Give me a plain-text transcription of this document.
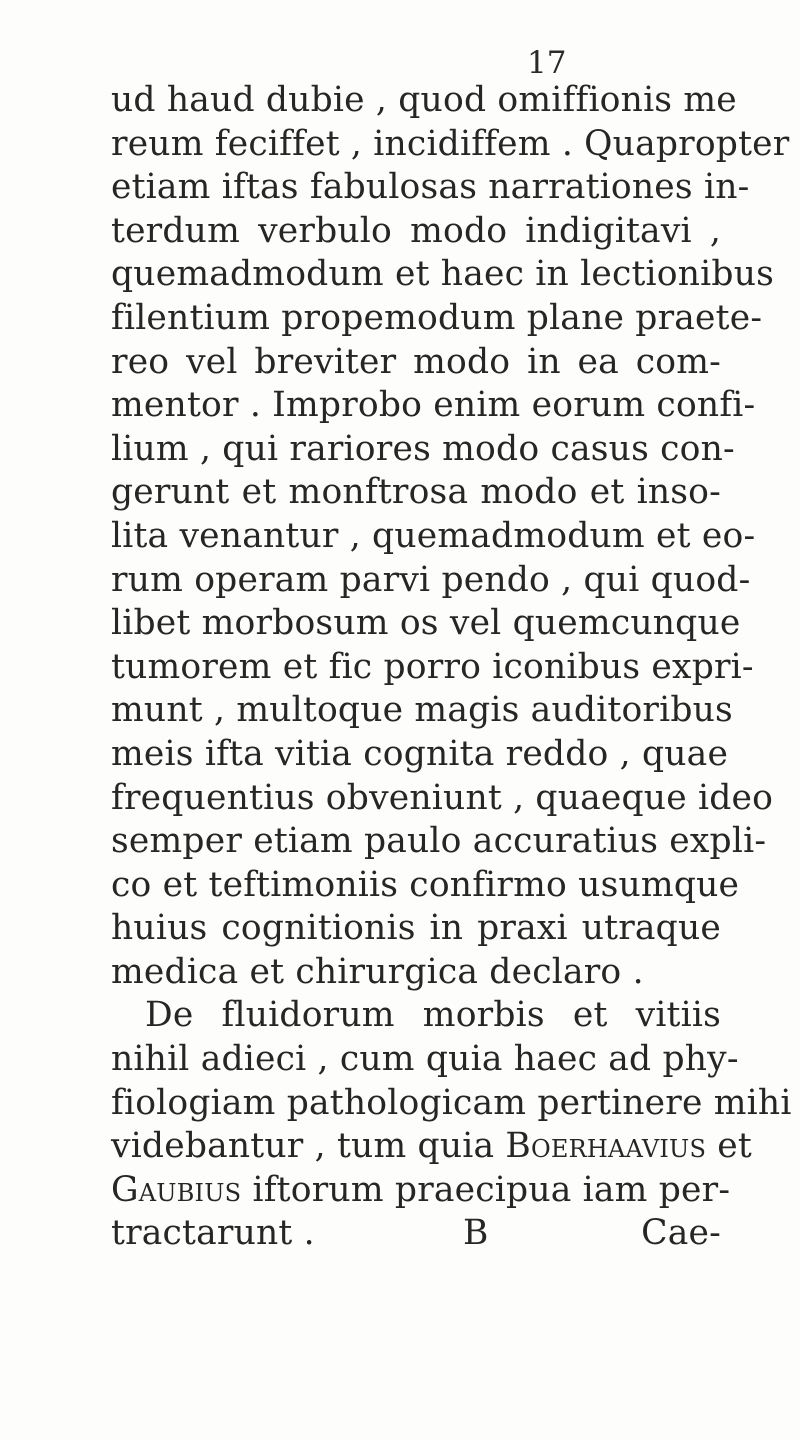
17
ud haud dubie , quod omiffionis me
reum feciffet , incidiffem . Quapropter
etiam iftas fabulosas narrationes in-
terdum verbulo modo indigitavi ,
quemadmodum et haec in lectionibus
filentium propemodum plane praete-
reo vel breviter modo in ea com-
mentor . Improbo enim eorum confi-
lium , qui rariores modo casus con-
gerunt et monftrosa modo et inso-
lita venantur , quemadmodum et eo-
rum operam parvi pendo , qui quod-
libet morbosum os vel quemcunque
tumorem et fic porro iconibus expri-
munt , multoque magis auditoribus
meis ifta vitia cognita reddo , quae
frequentius obveniunt , quaeque ideo
semper etiam paulo accuratius expli-
co et teftimoniis confirmo usumque
huius cognitionis in praxi utraque
medica et chirurgica declaro .
De fluidorum morbis et vitiis
nihil adieci , cum quia haec ad phy-
fiologiam pathologicam pertinere mihi
videbantur , tum quia Boerhaavius et
Gaubius iftorum praecipua iam per-
tractarunt .	B	Cae-
